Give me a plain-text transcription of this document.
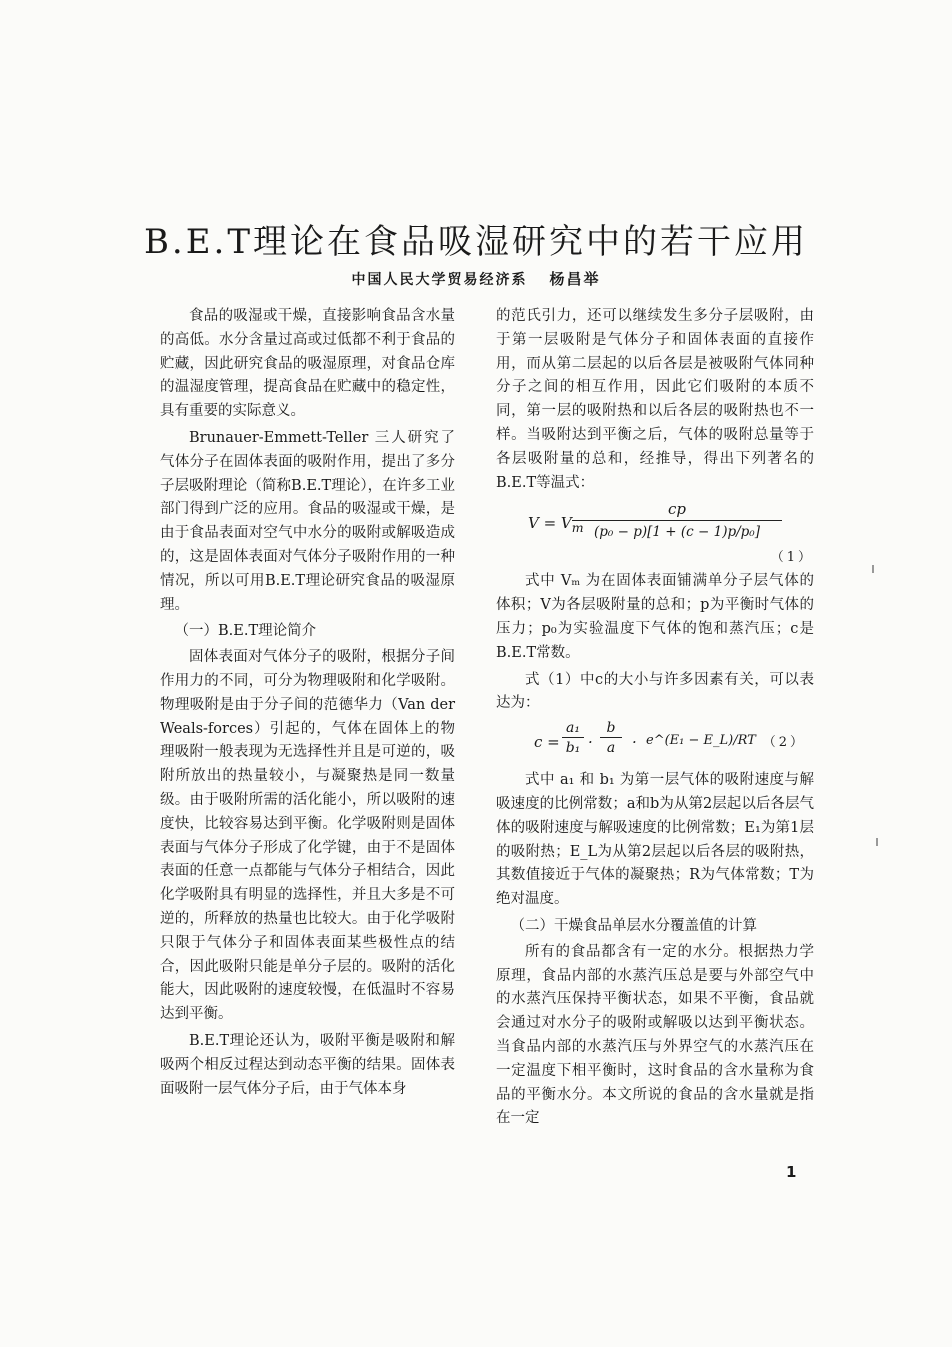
B.E.T理论在食品吸湿研究中的若干应用
中国人民大学贸易经济系 杨昌举

食品的吸湿或干燥，直接影响食品含水量的高低。水分含量过高或过低都不利于食品的贮藏，因此研究食品的吸湿原理，对食品仓库的温湿度管理，提高食品在贮藏中的稳定性，具有重要的实际意义。

Brunauer-Emmett-Teller 三人研究了气体分子在固体表面的吸附作用，提出了多分子层吸附理论（简称B.E.T理论），在许多工业部门得到广泛的应用。食品的吸湿或干燥，是由于食品表面对空气中水分的吸附或解吸造成的，这是固体表面对气体分子吸附作用的一种情况，所以可用B.E.T理论研究食品的吸湿原理。

（一）B.E.T理论简介

固体表面对气体分子的吸附，根据分子间作用力的不同，可分为物理吸附和化学吸附。物理吸附是由于分子间的范德华力（Van der Weals-forces）引起的，气体在固体上的物理吸附一般表现为无选择性并且是可逆的，吸附所放出的热量较小，与凝聚热是同一数量级。由于吸附所需的活化能小，所以吸附的速度快，比较容易达到平衡。化学吸附则是固体表面与气体分子形成了化学键，由于不是固体表面的任意一点都能与气体分子相结合，因此化学吸附具有明显的选择性，并且大多是不可逆的，所释放的热量也比较大。由于化学吸附只限于气体分子和固体表面某些极性点的结合，因此吸附只能是单分子层的。吸附的活化能大，因此吸附的速度较慢，在低温时不容易达到平衡。

B.E.T理论还认为，吸附平衡是吸附和解吸两个相反过程达到动态平衡的结果。固体表面吸附一层气体分子后，由于气体本身

的范氏引力，还可以继续发生多分子层吸附，由于第一层吸附是气体分子和固体表面的直接作用，而从第二层起的以后各层是被吸附气体同种分子之间的相互作用，因此它们吸附的本质不同，第一层的吸附热和以后各层的吸附热也不一样。当吸附达到平衡之后，气体的吸附总量等于各层吸附量的总和，经推导，得出下列著名的B.E.T等温式：

$V = V_m$
$\frac{cp}{\text{(p₀ − p)[1 + (c − 1)p/p₀]}}$
（1）

式中 Vₘ 为在固体表面铺满单分子层气体的体积；V为各层吸附量的总和；p为平衡时气体的压力；p₀为实验温度下气体的饱和蒸汽压；c是B.E.T常数。

式（1）中c的大小与许多因素有关，可以表达为：

c =
a₁
b₁ ·
b
a	· e^(E₁ − E_L)/RT （2）

式中 a₁ 和 b₁ 为第一层气体的吸附速度与解吸速度的比例常数；a和b为从第2层起以后各层气体的吸附速度与解吸速度的比例常数；E₁为第1层的吸附热；E_L为从第2层起以后各层的吸附热，其数值接近于气体的凝聚热；R为气体常数；T为绝对温度。

（二）干燥食品单层水分覆盖值的计算

所有的食品都含有一定的水分。根据热力学原理，食品内部的水蒸汽压总是要与外部空气中的水蒸汽压保持平衡状态，如果不平衡，食品就会通过对水分子的吸附或解吸以达到平衡状态。当食品内部的水蒸汽压与外界空气的水蒸汽压在一定温度下相平衡时，这时食品的含水量称为食品的平衡水分。本文所说的食品的含水量就是指在一定

1
